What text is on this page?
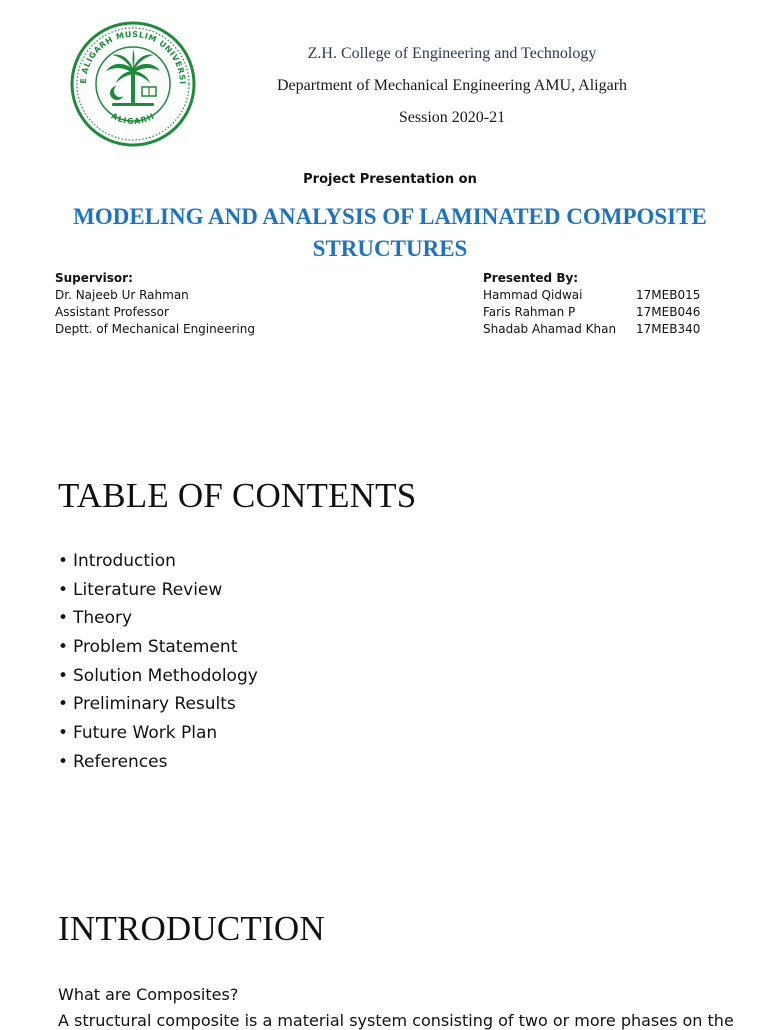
E ALIGARH MUSLIM UNIVERSI
ALIGARH
Z.H. College of Engineering and Technology
Department of Mechanical Engineering AMU, Aligarh
Session 2020-21
Project Presentation on
MODELING AND ANALYSIS OF LAMINATED COMPOSITE STRUCTURES
Supervisor:
Dr. Najeeb Ur Rahman
Assistant Professor
Deptt. of Mechanical Engineering
Presented By:
Hammad Qidwai	17MEB015
Faris Rahman P	17MEB046
Shadab Ahamad Khan 17MEB340
TABLE OF CONTENTS
• Introduction
• Literature Review
• Theory
• Problem Statement
• Solution Methodology
• Preliminary Results
• Future Work Plan
• References
INTRODUCTION
What are Composites?
A structural composite is a material system consisting of two or more phases on the
